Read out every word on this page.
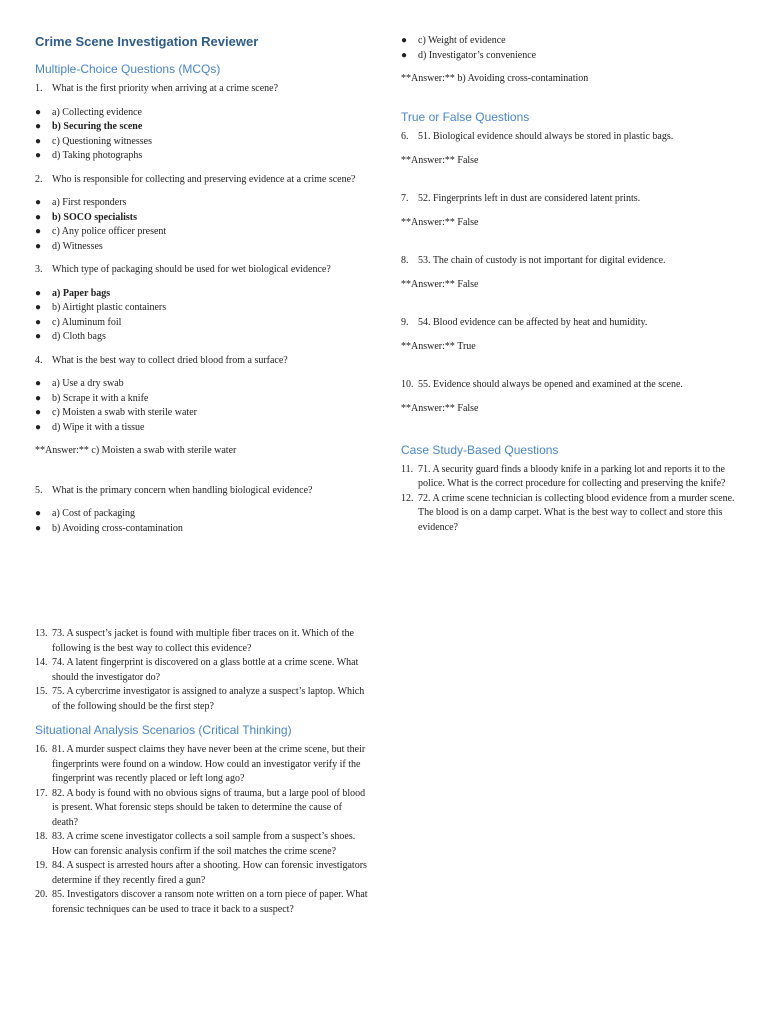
Crime Scene Investigation Reviewer
Multiple-Choice Questions (MCQs)
1. What is the first priority when arriving at a crime scene?
●	a) Collecting evidence
●	b) Securing the scene
●	c) Questioning witnesses
●	d) Taking photographs
2. Who is responsible for collecting and preserving evidence at a crime scene?
●	a) First responders
●	b) SOCO specialists
●	c) Any police officer present
●	d) Witnesses
3. Which type of packaging should be used for wet biological evidence?
●	a) Paper bags
●	b) Airtight plastic containers
●	c) Aluminum foil
●	d) Cloth bags
4. What is the best way to collect dried blood from a surface?
●	a) Use a dry swab
●	b) Scrape it with a knife
●	c) Moisten a swab with sterile water
●	d) Wipe it with a tissue
**Answer:** c) Moisten a swab with sterile water
5. What is the primary concern when handling biological evidence?
●	a) Cost of packaging
●	b) Avoiding cross-contamination
●	c) Weight of evidence
●	d) Investigator’s convenience
**Answer:** b) Avoiding cross-contamination
True or False Questions
6. 51. Biological evidence should always be stored in plastic bags.
**Answer:** False
7. 52. Fingerprints left in dust are considered latent prints.
**Answer:** False
8. 53. The chain of custody is not important for digital evidence.
**Answer:** False
9. 54. Blood evidence can be affected by heat and humidity.
**Answer:** True
10. 55. Evidence should always be opened and examined at the scene.
**Answer:** False
Case Study-Based Questions
11. 71. A security guard finds a bloody knife in a parking lot and reports it to the police. What is the correct procedure for collecting and preserving the knife?
12. 72. A crime scene technician is collecting blood evidence from a murder scene. The blood is on a damp carpet. What is the best way to collect and store this evidence?
13. 73. A suspect’s jacket is found with multiple fiber traces on it. Which of the following is the best way to collect this evidence?
14. 74. A latent fingerprint is discovered on a glass bottle at a crime scene. What should the investigator do?
15. 75. A cybercrime investigator is assigned to analyze a suspect’s laptop. Which of the following should be the first step?
Situational Analysis Scenarios (Critical Thinking)
16. 81. A murder suspect claims they have never been at the crime scene, but their fingerprints were found on a window. How could an investigator verify if the fingerprint was recently placed or left long ago?
17. 82. A body is found with no obvious signs of trauma, but a large pool of blood is present. What forensic steps should be taken to determine the cause of death?
18. 83. A crime scene investigator collects a soil sample from a suspect’s shoes. How can forensic analysis confirm if the soil matches the crime scene?
19. 84. A suspect is arrested hours after a shooting. How can forensic investigators determine if they recently fired a gun?
20. 85. Investigators discover a ransom note written on a torn piece of paper. What forensic techniques can be used to trace it back to a suspect?
